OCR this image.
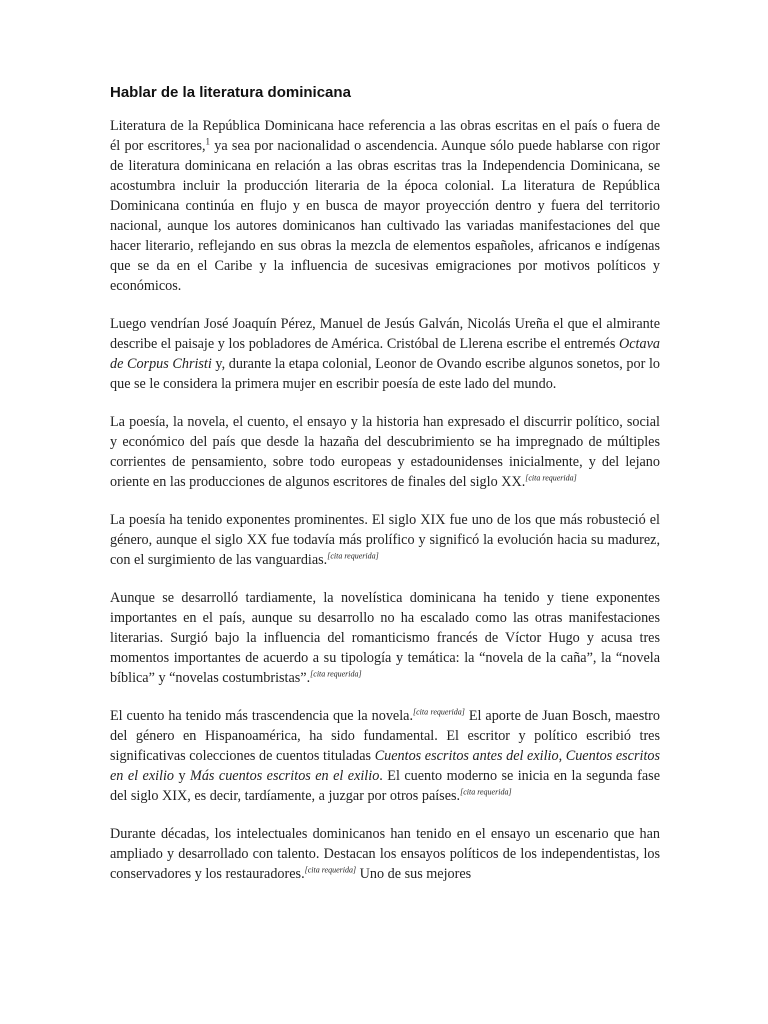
Hablar de la literatura dominicana

Literatura de la República Dominicana hace referencia a las obras escritas en el país o fuera de él por escritores,$^1$ ya sea por nacionalidad o ascendencia. Aunque sólo puede hablarse con rigor de literatura dominicana en relación a las obras escritas tras la Independencia Dominicana, se acostumbra incluir la producción literaria de la época colonial. La literatura de República Dominicana continúa en flujo y en busca de mayor proyección dentro y fuera del territorio nacional, aunque los autores dominicanos han cultivado las variadas manifestaciones del que hacer literario, reflejando en sus obras la mezcla de elementos españoles, africanos e indígenas que se da en el Caribe y la influencia de sucesivas emigraciones por motivos políticos y económicos.

Luego vendrían José Joaquín Pérez, Manuel de Jesús Galván, Nicolás Ureña el que el almirante describe el paisaje y los pobladores de América. Cristóbal de Llerena escribe el entremés Octava de Corpus Christi y, durante la etapa colonial, Leonor de Ovando escribe algunos sonetos, por lo que se le considera la primera mujer en escribir poesía de este lado del mundo.

La poesía, la novela, el cuento, el ensayo y la historia han expresado el discurrir político, social y económico del país que desde la hazaña del descubrimiento se ha impregnado de múltiples corrientes de pensamiento, sobre todo europeas y estadounidenses inicialmente, y del lejano oriente en las producciones de algunos escritores de finales del siglo XX.[cita requerida]

La poesía ha tenido exponentes prominentes. El siglo XIX fue uno de los que más robusteció el género, aunque el siglo XX fue todavía más prolífico y significó la evolución hacia su madurez, con el surgimiento de las vanguardias.[cita requerida]

Aunque se desarrolló tardiamente, la novelística dominicana ha tenido y tiene exponentes importantes en el país, aunque su desarrollo no ha escalado como las otras manifestaciones literarias. Surgió bajo la influencia del romanticismo francés de Víctor Hugo y acusa tres momentos importantes de acuerdo a su tipología y temática: la “novela de la caña”, la “novela bíblica” y “novelas costumbristas”.[cita requerida]

El cuento ha tenido más trascendencia que la novela.[cita requerida] El aporte de Juan Bosch, maestro del género en Hispanoamérica, ha sido fundamental. El escritor y político escribió tres significativas colecciones de cuentos tituladas Cuentos escritos antes del exilio, Cuentos escritos en el exilio y Más cuentos escritos en el exilio. El cuento moderno se inicia en la segunda fase del siglo XIX, es decir, tardíamente, a juzgar por otros países.[cita requerida]

Durante décadas, los intelectuales dominicanos han tenido en el ensayo un escenario que han ampliado y desarrollado con talento. Destacan los ensayos políticos de los independentistas, los conservadores y los restauradores.[cita requerida] Uno de sus mejores
